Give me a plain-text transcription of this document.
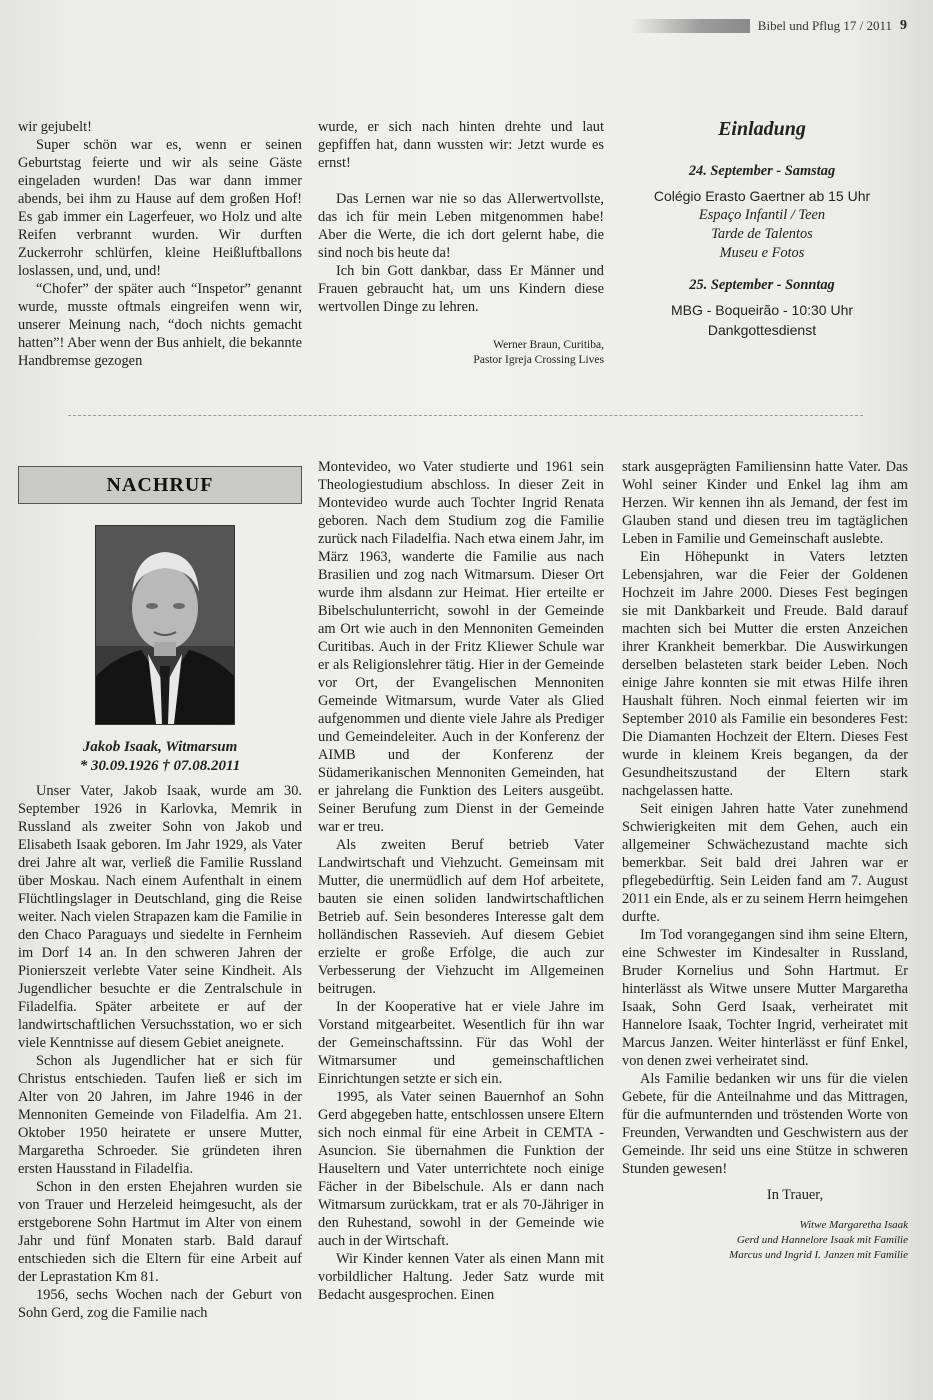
Bibel und Pflug 17 / 2011 9

wir gejubelt!

Super schön war es, wenn er seinen Geburtstag feierte und wir als seine Gäste eingeladen wurden! Das war dann immer abends, bei ihm zu Hause auf dem großen Hof! Es gab immer ein Lagerfeuer, wo Holz und alte Reifen verbrannt wurden. Wir durften Zuckerrohr schlürfen, kleine Heißluftballons loslassen, und, und, und!

“Chofer” der später auch “Inspetor” genannt wurde, musste oftmals eingreifen wenn wir, unserer Meinung nach, “doch nichts gemacht hatten”! Aber wenn der Bus anhielt, die bekannte Handbremse gezogen

wurde, er sich nach hinten drehte und laut gepfiffen hat, dann wussten wir: Jetzt wurde es ernst!

Das Lernen war nie so das Allerwertvollste, das ich für mein Leben mitgenommen habe! Aber die Werte, die ich dort gelernt habe, die sind noch bis heute da!

Ich bin Gott dankbar, dass Er Männer und Frauen gebraucht hat, um uns Kindern diese wertvollen Dinge zu lehren.

Werner Braun, Curitiba,
Pastor Igreja Crossing Lives
Einladung
24. September - Samstag
Colégio Erasto Gaertner ab 15 Uhr
Espaço Infantil / Teen
Tarde de Talentos
Museu e Fotos
25. September - Sonntag
MBG - Boqueirão - 10:30 Uhr
Dankgottesdienst
NACHRUF
Jakob Isaak, Witmarsum
* 30.09.1926 † 07.08.2011

Unser Vater, Jakob Isaak, wurde am 30. September 1926 in Karlovka, Memrik in Russland als zweiter Sohn von Jakob und Elisabeth Isaak geboren. Im Jahr 1929, als Vater drei Jahre alt war, verließ die Familie Russland über Moskau. Nach einem Aufenthalt in einem Flüchtlingslager in Deutschland, ging die Reise weiter. Nach vielen Strapazen kam die Familie in den Chaco Paraguays und siedelte in Fernheim im Dorf 14 an. In den schweren Jahren der Pionierszeit verlebte Vater seine Kindheit. Als Jugendlicher besuchte er die Zentralschule in Filadelfia. Später arbeitete er auf der landwirtschaftlichen Versuchsstation, wo er sich viele Kenntnisse auf diesem Gebiet aneignete.

Schon als Jugendlicher hat er sich für Christus entschieden. Taufen ließ er sich im Alter von 20 Jahren, im Jahre 1946 in der Mennoniten Gemeinde von Filadelfia. Am 21. Oktober 1950 heiratete er unsere Mutter, Margaretha Schroeder. Sie gründeten ihren ersten Hausstand in Filadelfia.

Schon in den ersten Ehejahren wurden sie von Trauer und Herzeleid heimgesucht, als der erstgeborene Sohn Hartmut im Alter von einem Jahr und fünf Monaten starb. Bald darauf entschieden sich die Eltern für eine Arbeit auf der Leprastation Km 81.

1956, sechs Wochen nach der Geburt von Sohn Gerd, zog die Familie nach

Montevideo, wo Vater studierte und 1961 sein Theologiestudium abschloss. In dieser Zeit in Montevideo wurde auch Tochter Ingrid Renata geboren. Nach dem Studium zog die Familie zurück nach Filadelfia. Nach etwa einem Jahr, im März 1963, wanderte die Familie aus nach Brasilien und zog nach Witmarsum. Dieser Ort wurde ihm alsdann zur Heimat. Hier erteilte er Bibelschulunterricht, sowohl in der Gemeinde am Ort wie auch in den Mennoniten Gemeinden Curitibas. Auch in der Fritz Kliewer Schule war er als Religionslehrer tätig. Hier in der Gemeinde vor Ort, der Evangelischen Mennoniten Gemeinde Witmarsum, wurde Vater als Glied aufgenommen und diente viele Jahre als Prediger und Gemeindeleiter. Auch in der Konferenz der AIMB und der Konferenz der Südamerikanischen Mennoniten Gemeinden, hat er jahrelang die Funktion des Leiters ausgeübt. Seiner Berufung zum Dienst in der Gemeinde war er treu.

Als zweiten Beruf betrieb Vater Landwirtschaft und Viehzucht. Gemeinsam mit Mutter, die unermüdlich auf dem Hof arbeitete, bauten sie einen soliden landwirtschaftlichen Betrieb auf. Sein besonderes Interesse galt dem holländischen Rassevieh. Auf diesem Gebiet erzielte er große Erfolge, die auch zur Verbesserung der Viehzucht im Allgemeinen beitrugen.

In der Kooperative hat er viele Jahre im Vorstand mitgearbeitet. Wesentlich für ihn war der Gemeinschaftssinn. Für das Wohl der Witmarsumer und gemeinschaftlichen Einrichtungen setzte er sich ein.

1995, als Vater seinen Bauernhof an Sohn Gerd abgegeben hatte, entschlossen unsere Eltern sich noch einmal für eine Arbeit in CEMTA - Asuncion. Sie übernahmen die Funktion der Hauseltern und Vater unterrichtete noch einige Fächer in der Bibelschule. Als er dann nach Witmarsum zurückkam, trat er als 70-Jähriger in den Ruhestand, sowohl in der Gemeinde wie auch in der Wirtschaft.

Wir Kinder kennen Vater als einen Mann mit vorbildlicher Haltung. Jeder Satz wurde mit Bedacht ausgesprochen. Einen

stark ausgeprägten Familiensinn hatte Vater. Das Wohl seiner Kinder und Enkel lag ihm am Herzen. Wir kennen ihn als Jemand, der fest im Glauben stand und diesen treu im tagtäglichen Leben in Familie und Gemeinschaft auslebte.

Ein Höhepunkt in Vaters letzten Lebensjahren, war die Feier der Goldenen Hochzeit im Jahre 2000. Dieses Fest begingen sie mit Dankbarkeit und Freude. Bald darauf machten sich bei Mutter die ersten Anzeichen ihrer Krankheit bemerkbar. Die Auswirkungen derselben belasteten stark beider Leben. Noch einige Jahre konnten sie mit etwas Hilfe ihren Haushalt führen. Noch einmal feierten wir im September 2010 als Familie ein besonderes Fest: Die Diamanten Hochzeit der Eltern. Dieses Fest wurde in kleinem Kreis begangen, da der Gesundheitszustand der Eltern stark nachgelassen hatte.

Seit einigen Jahren hatte Vater zunehmend Schwierigkeiten mit dem Gehen, auch ein allgemeiner Schwächezustand machte sich bemerkbar. Seit bald drei Jahren war er pflegebedürftig. Sein Leiden fand am 7. August 2011 ein Ende, als er zu seinem Herrn heimgehen durfte.

Im Tod vorangegangen sind ihm seine Eltern, eine Schwester im Kindesalter in Russland, Bruder Kornelius und Sohn Hartmut. Er hinterlässt als Witwe unsere Mutter Margaretha Isaak, Sohn Gerd Isaak, verheiratet mit Hannelore Isaak, Tochter Ingrid, verheiratet mit Marcus Janzen. Weiter hinterlässt er fünf Enkel, von denen zwei verheiratet sind.

Als Familie bedanken wir uns für die vielen Gebete, für die Anteilnahme und das Mittragen, für die aufmunternden und tröstenden Worte von Freunden, Verwandten und Geschwistern aus der Gemeinde. Ihr seid uns eine Stütze in schweren Stunden gewesen!

In Trauer,
Witwe Margaretha Isaak
Gerd und Hannelore Isaak mit Familie
Marcus und Ingrid I. Janzen mit Familie
